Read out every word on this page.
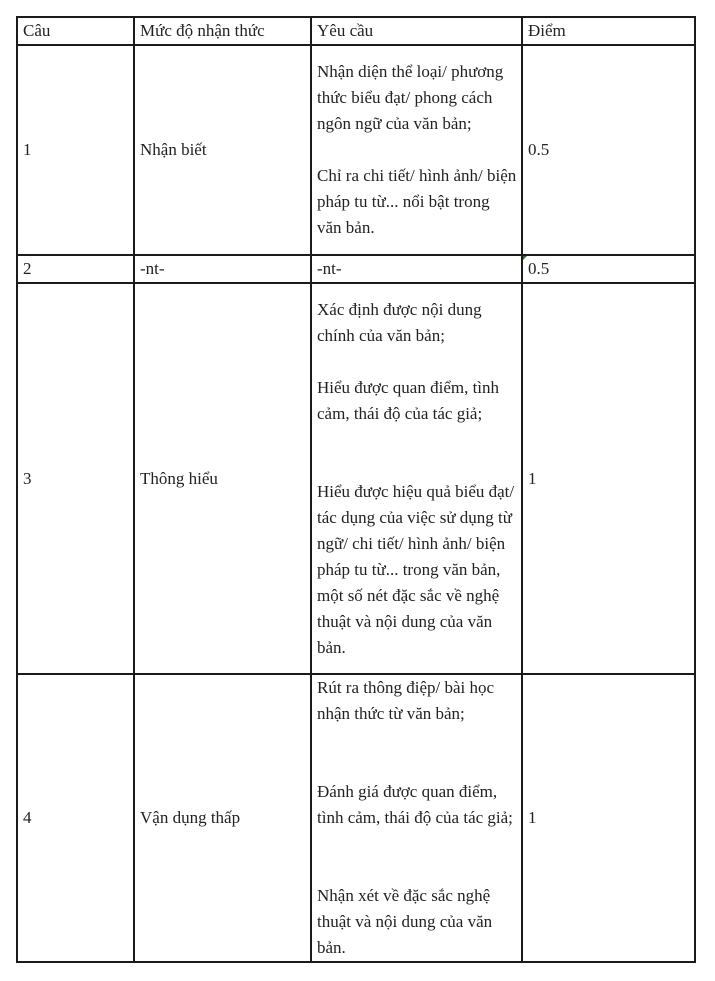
Câu	Mức độ nhận thức	Yêu cầu	Điểm
1	Nhận biết	Nhận diện thể loại/ phương thức biểu đạt/ phong cách ngôn ngữ của văn bản;

Chỉ ra chi tiết/ hình ảnh/ biện pháp tu từ... nổi bật trong văn bản.	0.5
2	-nt-	-nt-	0.5
3	Thông hiểu	Xác định được nội dung chính của văn bản;

Hiểu được quan điểm, tình cảm, thái độ của tác giả;

Hiểu được hiệu quả biểu đạt/ tác dụng của việc sử dụng từ ngữ/ chi tiết/ hình ảnh/ biện pháp tu từ... trong văn bản, một số nét đặc sắc về nghệ thuật và nội dung của văn bản.	1
4	Vận dụng thấp	Rút ra thông điệp/ bài học nhận thức từ văn bản;

Đánh giá được quan điểm, tình cảm, thái độ của tác giả;

Nhận xét về đặc sắc nghệ thuật và nội dung của văn bản.	1
